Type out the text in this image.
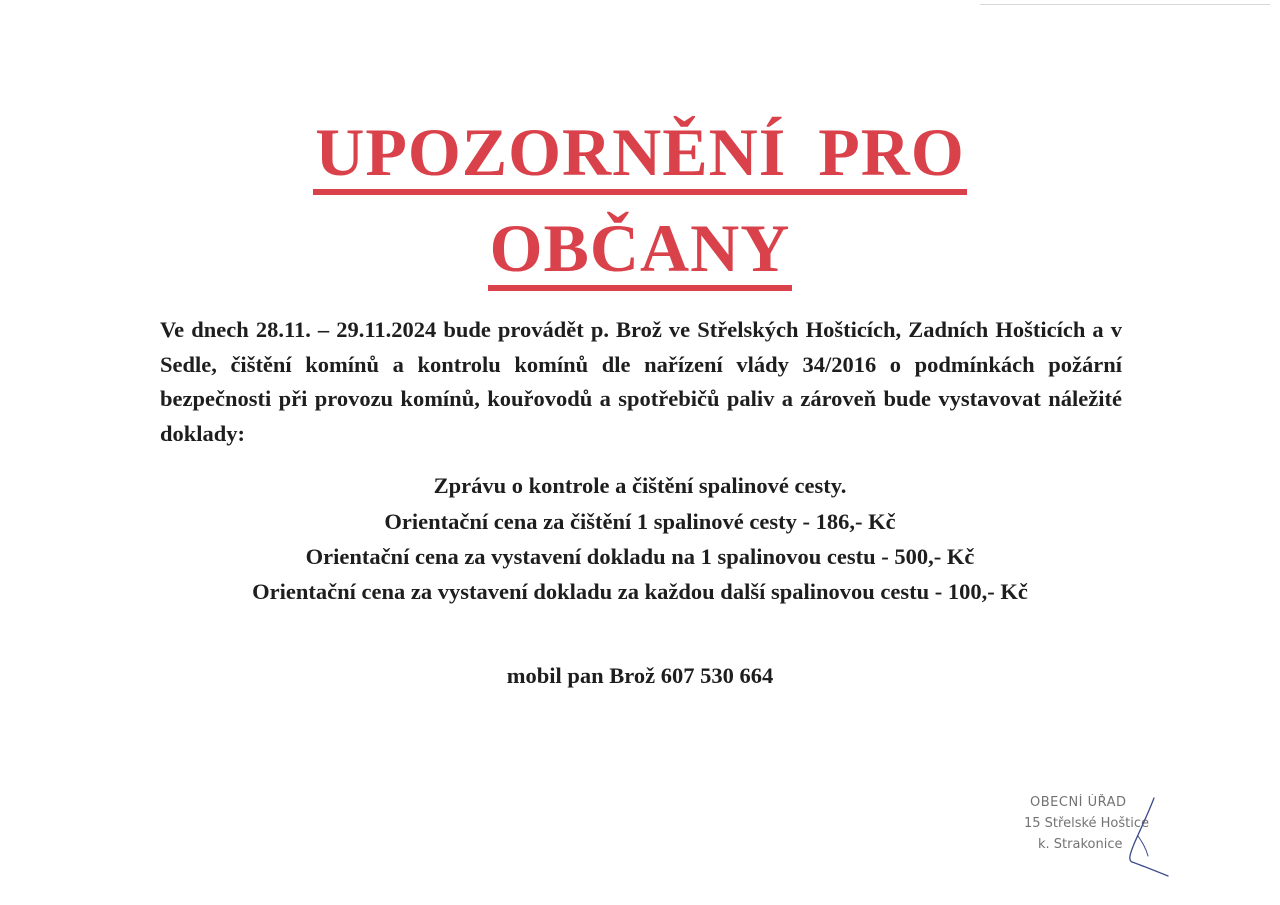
UPOZORNĚNÍ PRO
OBČANY
Ve dnech 28.11. – 29.11.2024 bude provádět p. Brož ve Střelských Hošticích, Zadních Hošticích a v Sedle, čištění komínů a kontrolu komínů dle nařízení vlády 34/2016 o podmínkách požární bezpečnosti při provozu komínů, kouřovodů a spotřebičů paliv a zároveň bude vystavovat náležité doklady:
Zprávu o kontrole a čištění spalinové cesty.
Orientační cena za čištění 1 spalinové cesty - 186,- Kč
Orientační cena za vystavení dokladu na 1 spalinovou cestu - 500,- Kč
Orientační cena za vystavení dokladu za každou další spalinovou cestu - 100,- Kč
mobil pan Brož 607 530 664
OBECNÍ ÚŘAD
15 Střelské Hoštice
k. Strakonice
